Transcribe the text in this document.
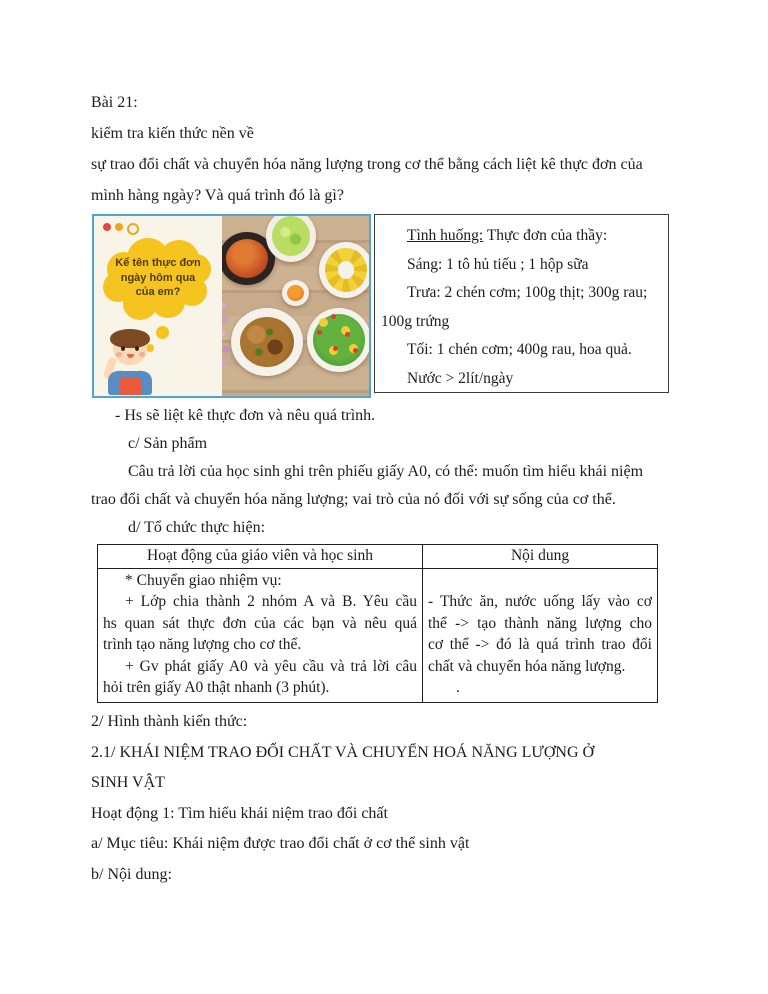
Bài 21:
kiểm tra kiến thức nền về
sự trao đổi chất và chuyển hóa năng lượng trong cơ thể bằng cách liệt kê thực đơn của
mình hàng ngày? Và quá trình đó là gì?
Kể tên thực đơn ngày hôm qua của em?
Tình huống: Thực đơn của thầy:
Sáng: 1 tô hủ tiếu ; 1 hộp sữa
Trưa: 2 chén cơm; 100g thịt; 300g rau;
100g trứng
Tối: 1 chén cơm; 400g rau, hoa quả.
Nước > 2lít/ngày
- Hs sẽ liệt kê thực đơn và nêu quá trình.
c/ Sản phẩm
Câu trả lời của học sinh ghi trên phiếu giấy A0, có thể: muốn tìm hiểu khái niệm
trao đổi chất và chuyển hóa năng lượng; vai trò của nó đối với sự sống của cơ thể.
d/ Tổ chức thực hiện:
Hoạt động của giáo viên và học sinh	Nội dung
* Chuyển giao nhiệm vụ:
+ Lớp chia thành 2 nhóm A và B. Yêu cầu
hs quan sát thực đơn của các bạn và nêu quá
trình tạo năng lượng cho cơ thể.
+ Gv phát giấy A0 và yêu cầu và trả lời câu
hỏi trên giấy A0 thật nhanh (3 phút).
- Thức ăn, nước uống lấy vào cơ
thể -> tạo thành năng lượng cho
cơ thể -> đó là quá trình trao đổi
chất và chuyển hóa năng lượng.
.
2/ Hình thành kiến thức:
2.1/ KHÁI NIỆM TRAO ĐỔI CHẤT VÀ CHUYỂN HOÁ NĂNG LƯỢNG Ở
SINH VẬT
Hoạt động 1: Tìm hiểu khái niệm trao đổi chất
a/ Mục tiêu: Khái niệm được trao đổi chất ở cơ thể sinh vật
b/ Nội dung:
